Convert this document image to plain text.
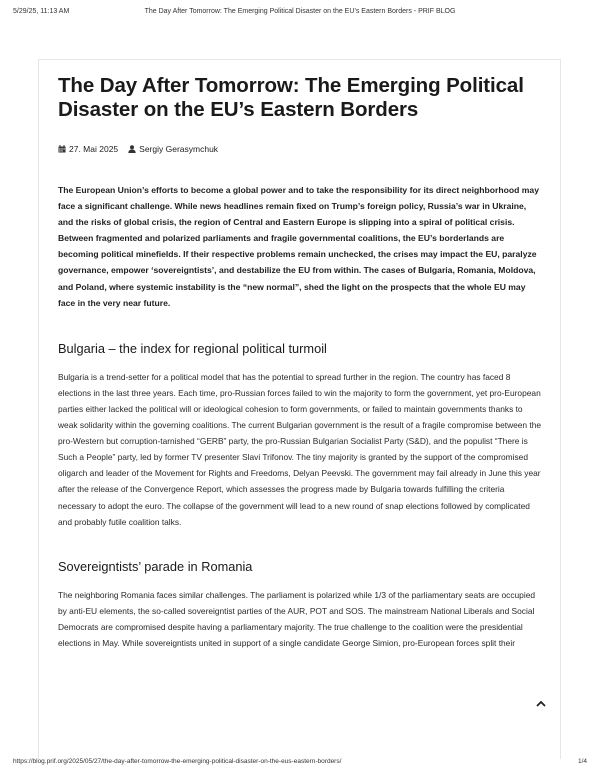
5/29/25, 11:13 AM	The Day After Tomorrow: The Emerging Political Disaster on the EU’s Eastern Borders - PRIF BLOG
The Day After Tomorrow: The Emerging Political Disaster on the EU’s Eastern Borders
27. Mai 2025 Sergiy Gerasymchuk

The European Union’s efforts to become a global power and to take the responsibility for its direct neighborhood may face a significant challenge. While news headlines remain fixed on Trump’s foreign policy, Russia’s war in Ukraine, and the risks of global crisis, the region of Central and Eastern Europe is slipping into a spiral of political crisis. Between fragmented and polarized parliaments and fragile governmental coalitions, the EU’s borderlands are becoming political minefields. If their respective problems remain unchecked, the crises may impact the EU, paralyze governance, empower ‘sovereigntists’, and destabilize the EU from within. The cases of Bulgaria, Romania, Moldova, and Poland, where systemic instability is the “new normal”, shed the light on the prospects that the whole EU may face in the very near future.

Bulgaria – the index for regional political turmoil

Bulgaria is a trend-setter for a political model that has the potential to spread further in the region. The country has faced 8 elections in the last three years. Each time, pro-Russian forces failed to win the majority to form the government, yet pro-European parties either lacked the political will or ideological cohesion to form governments, or failed to maintain governments thanks to weak solidarity within the governing coalitions. The current Bulgarian government is the result of a fragile compromise between the pro-Western but corruption-tarnished “GERB” party, the pro-Russian Bulgarian Socialist Party (S&D), and the populist “There is Such a People” party, led by former TV presenter Slavi Trifonov. The tiny majority is granted by the support of the compromised oligarch and leader of the Movement for Rights and Freedoms, Delyan Peevski. The government may fail already in June this year after the release of the Convergence Report, which assesses the progress made by Bulgaria towards fulfilling the criteria necessary to adopt the euro. The collapse of the government will lead to a new round of snap elections followed by complicated and probably futile coalition talks.

Sovereigntists’ parade in Romania

The neighboring Romania faces similar challenges. The parliament is polarized while 1/3 of the parliamentary seats are occupied by anti-EU elements, the so-called sovereigntist parties of the AUR, POT and SOS. The mainstream National Liberals and Social Democrats are compromised despite having a parliamentary majority. The true challenge to the coalition were the presidential elections in May. While sovereigntists united in support of a single candidate George Simion, pro-European forces split their

https://blog.prif.org/2025/05/27/the-day-after-tomorrow-the-emerging-political-disaster-on-the-eus-eastern-borders/	1/4
